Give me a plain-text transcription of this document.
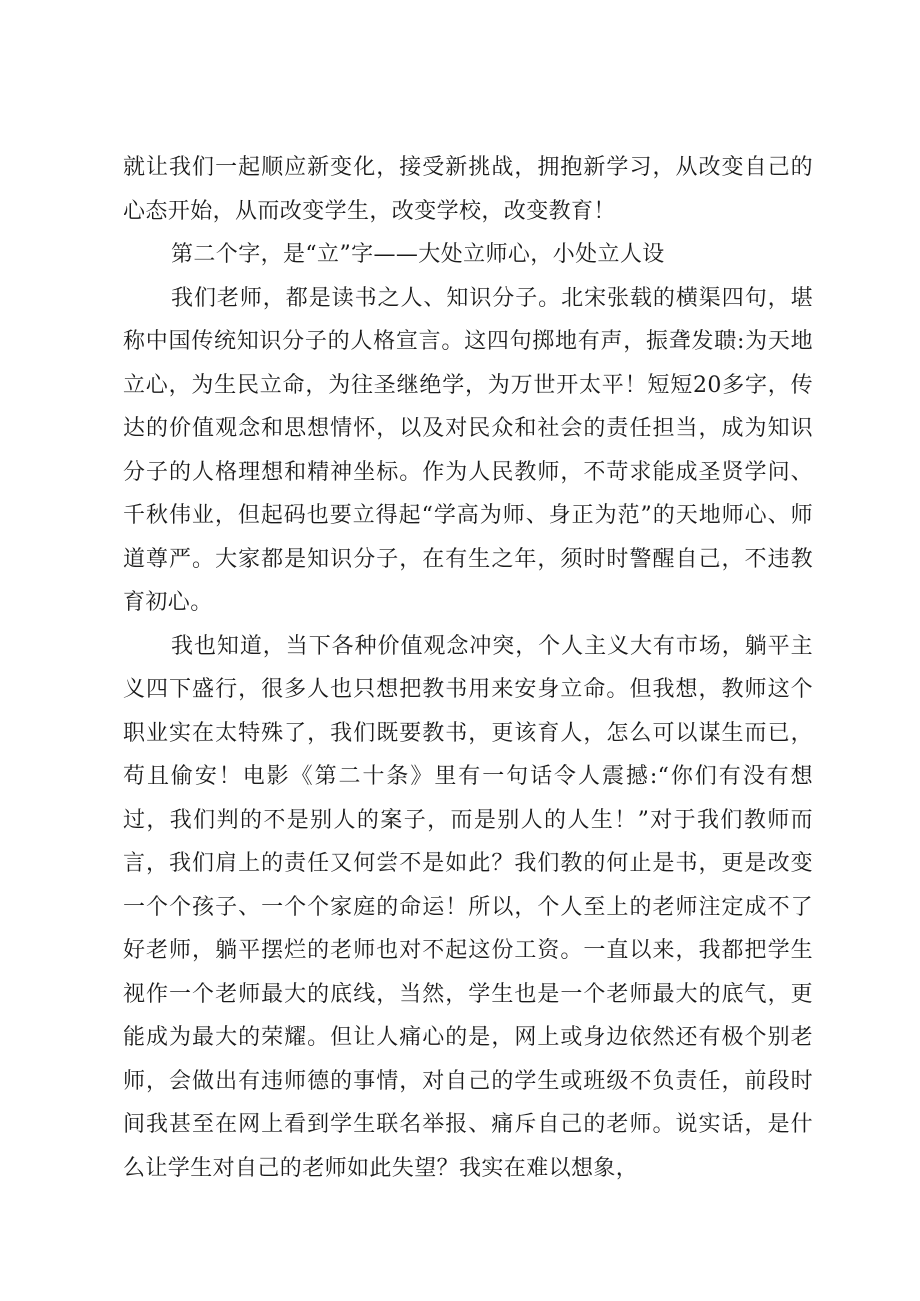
就让我们一起顺应新变化，接受新挑战，拥抱新学习，从改变自己的心态开始，从而改变学生，改变学校，改变教育！

第二个字，是“立”字——大处立师心，小处立人设

我们老师，都是读书之人、知识分子。北宋张载的横渠四句，堪称中国传统知识分子的人格宣言。这四句掷地有声，振聋发聩:为天地立心，为生民立命，为往圣继绝学，为万世开太平！短短20多字，传达的价值观念和思想情怀，以及对民众和社会的责任担当，成为知识分子的人格理想和精神坐标。作为人民教师，不苛求能成圣贤学问、千秋伟业，但起码也要立得起“学高为师、身正为范”的天地师心、师道尊严。大家都是知识分子，在有生之年，须时时警醒自己，不违教育初心。

我也知道，当下各种价值观念冲突，个人主义大有市场，躺平主义四下盛行，很多人也只想把教书用来安身立命。但我想，教师这个职业实在太特殊了，我们既要教书，更该育人，怎么可以谋生而已，苟且偷安！电影《第二十条》里有一句话令人震撼:“你们有没有想过，我们判的不是别人的案子，而是别人的人生！”对于我们教师而言，我们肩上的责任又何尝不是如此？我们教的何止是书，更是改变一个个孩子、一个个家庭的命运！所以，个人至上的老师注定成不了好老师，躺平摆烂的老师也对不起这份工资。一直以来，我都把学生视作一个老师最大的底线，当然，学生也是一个老师最大的底气，更能成为最大的荣耀。但让人痛心的是，网上或身边依然还有极个别老师，会做出有违师德的事情，对自己的学生或班级不负责任，前段时间我甚至在网上看到学生联名举报、痛斥自己的老师。说实话，是什么让学生对自己的老师如此失望？我实在难以想象，
